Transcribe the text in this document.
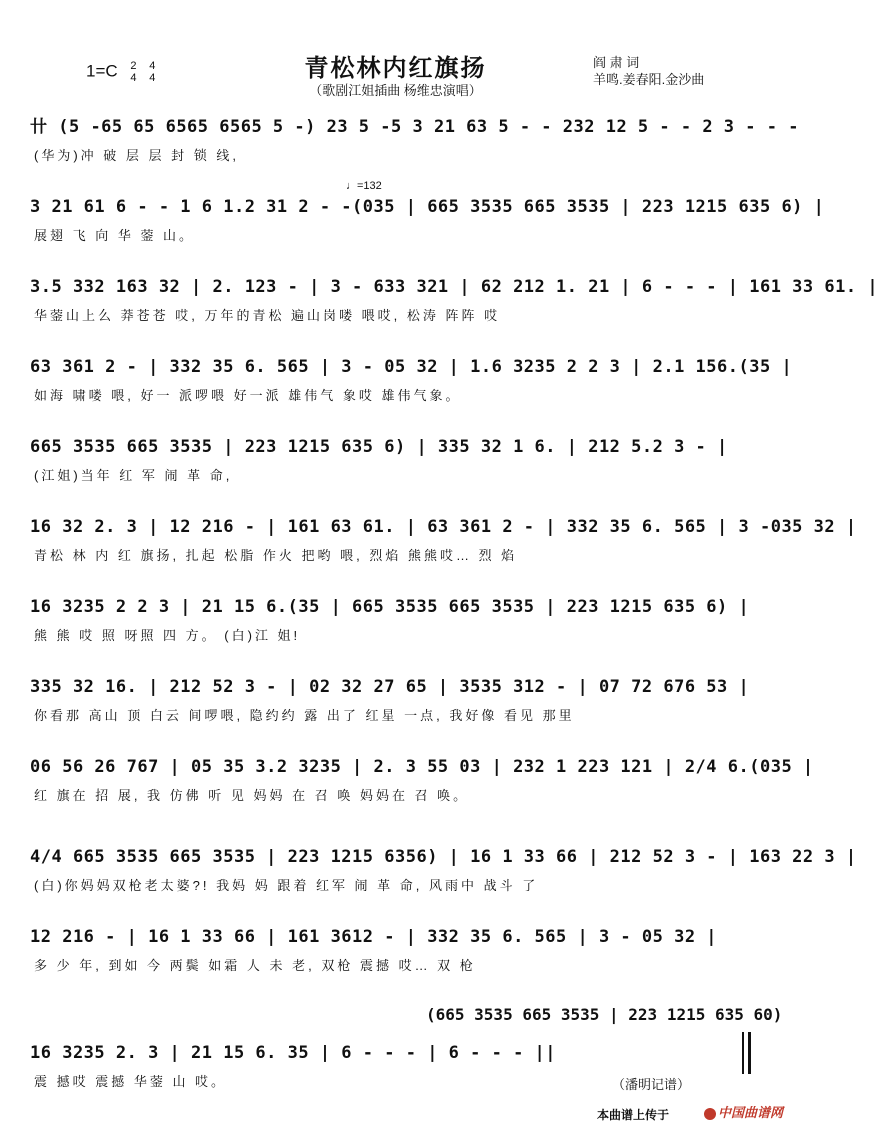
青松林内红旗扬
（歌剧江姐插曲 杨维忠演唱）
1=C 2
4 4
4
阎 肃 词
羊鸣.姜春阳.金沙曲
卄 (5 -65 65 6565 6565 5 -) 23 5 -5 3 21 63 5 - - 232 12 5 - - 2 3 - - -
(华为)冲 破 层 层 封 锁 线,
♩=132
3 21 61 6 - - 1 6 1.2 31 2 - -(035 | 665 3535 665 3535 | 223 1215 635 6) |
展翅 飞 向 华 蓥 山。
3.5 332 163 32 | 2. 123 - | 3 - 633 321 | 62 212 1. 21 | 6 - - - | 161 33 61. |
华蓥山上么 莽苍苍 哎, 万年的青松 遍山岗喽 喂哎, 松涛 阵阵 哎
63 361 2 - | 332 35 6. 565 | 3 - 05 32 | 1.6 3235 2 2 3 | 2.1 156.(35 |
如海 啸喽 喂, 好一 派啰喂 好一派 雄伟气 象哎 雄伟气象。
665 3535 665 3535 | 223 1215 635 6) | 335 32 1 6. | 212 5.2 3 - |
(江姐)当年 红 军 闹 革 命,
16 32 2. 3 | 12 216 - | 161 63 61. | 63 361 2 - | 332 35 6. 565 | 3 -035 32 |
青松 林 内 红 旗扬, 扎起 松脂 作火 把哟 喂, 烈焰 熊熊哎… 烈 焰
16 3235 2 2 3 | 21 15 6.(35 | 665 3535 665 3535 | 223 1215 635 6) |
熊 熊 哎 照 呀照 四 方。 (白)江 姐!
335 32 16. | 212 52 3 - | 02 32 27 65 | 3535 312 - | 07 72 676 53 |
你看那 高山 顶 白云 间啰喂, 隐约约 露 出了 红星 一点, 我好像 看见 那里
06 56 26 767 | 05 35 3.2 3235 | 2. 3 55 03 | 232 1 223 121 | 2/4 6.(035 |
红 旗在 招 展, 我 仿佛 听 见 妈妈 在 召 唤 妈妈在 召 唤。
4/4 665 3535 665 3535 | 223 1215 6356) | 16 1 33 66 | 212 52 3 - | 163 22 3 |
(白)你妈妈双枪老太婆?! 我妈 妈 跟着 红军 闹 革 命, 风雨中 战斗 了
12 216 - | 16 1 33 66 | 161 3612 - | 332 35 6. 565 | 3 - 05 32 |
多 少 年, 到如 今 两鬓 如霜 人 未 老, 双枪 震撼 哎… 双 枪
(665 3535 665 3535 | 223 1215 635 60)
16 3235 2. 3 | 21 15 6. 35 | 6 - - - | 6 - - - ||
震 撼哎 震撼 华蓥 山 哎。	（潘明记谱）
本曲谱上传于	中国曲谱网
